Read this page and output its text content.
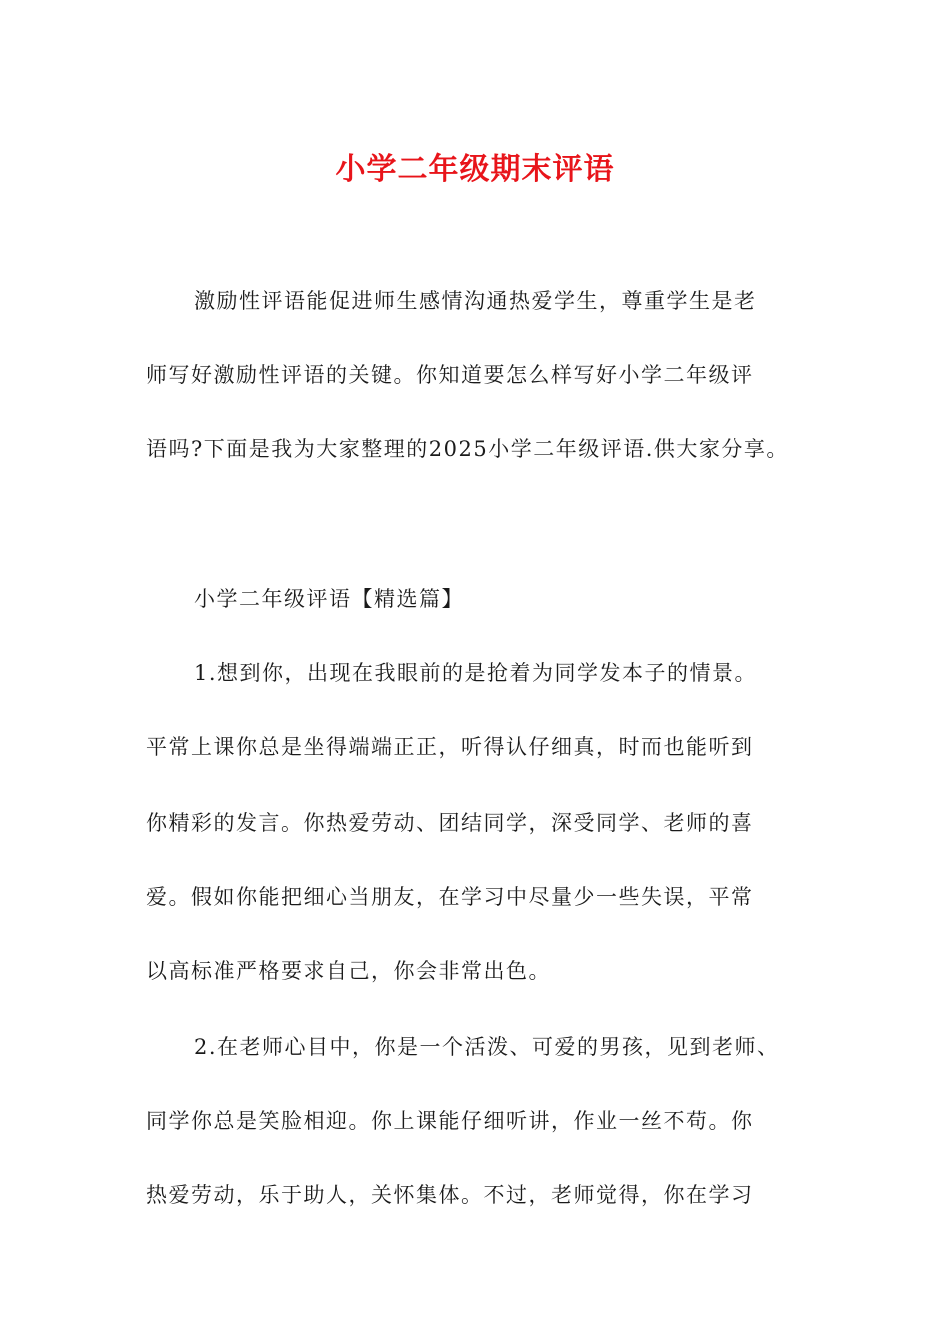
小学二年级期末评语
激励性评语能促进师生感情沟通热爱学生，尊重学生是老
师写好激励性评语的关键。你知道要怎么样写好小学二年级评
语吗?下面是我为大家整理的2025小学二年级评语.供大家分享。
小学二年级评语【精选篇】
1.想到你，出现在我眼前的是抢着为同学发本子的情景。
平常上课你总是坐得端端正正，听得认仔细真，时而也能听到
你精彩的发言。你热爱劳动、团结同学，深受同学、老师的喜
爱。假如你能把细心当朋友，在学习中尽量少一些失误，平常
以高标准严格要求自己，你会非常出色。
2.在老师心目中，你是一个活泼、可爱的男孩，见到老师、
同学你总是笑脸相迎。你上课能仔细听讲，作业一丝不苟。你
热爱劳动，乐于助人，关怀集体。不过，老师觉得，你在学习
